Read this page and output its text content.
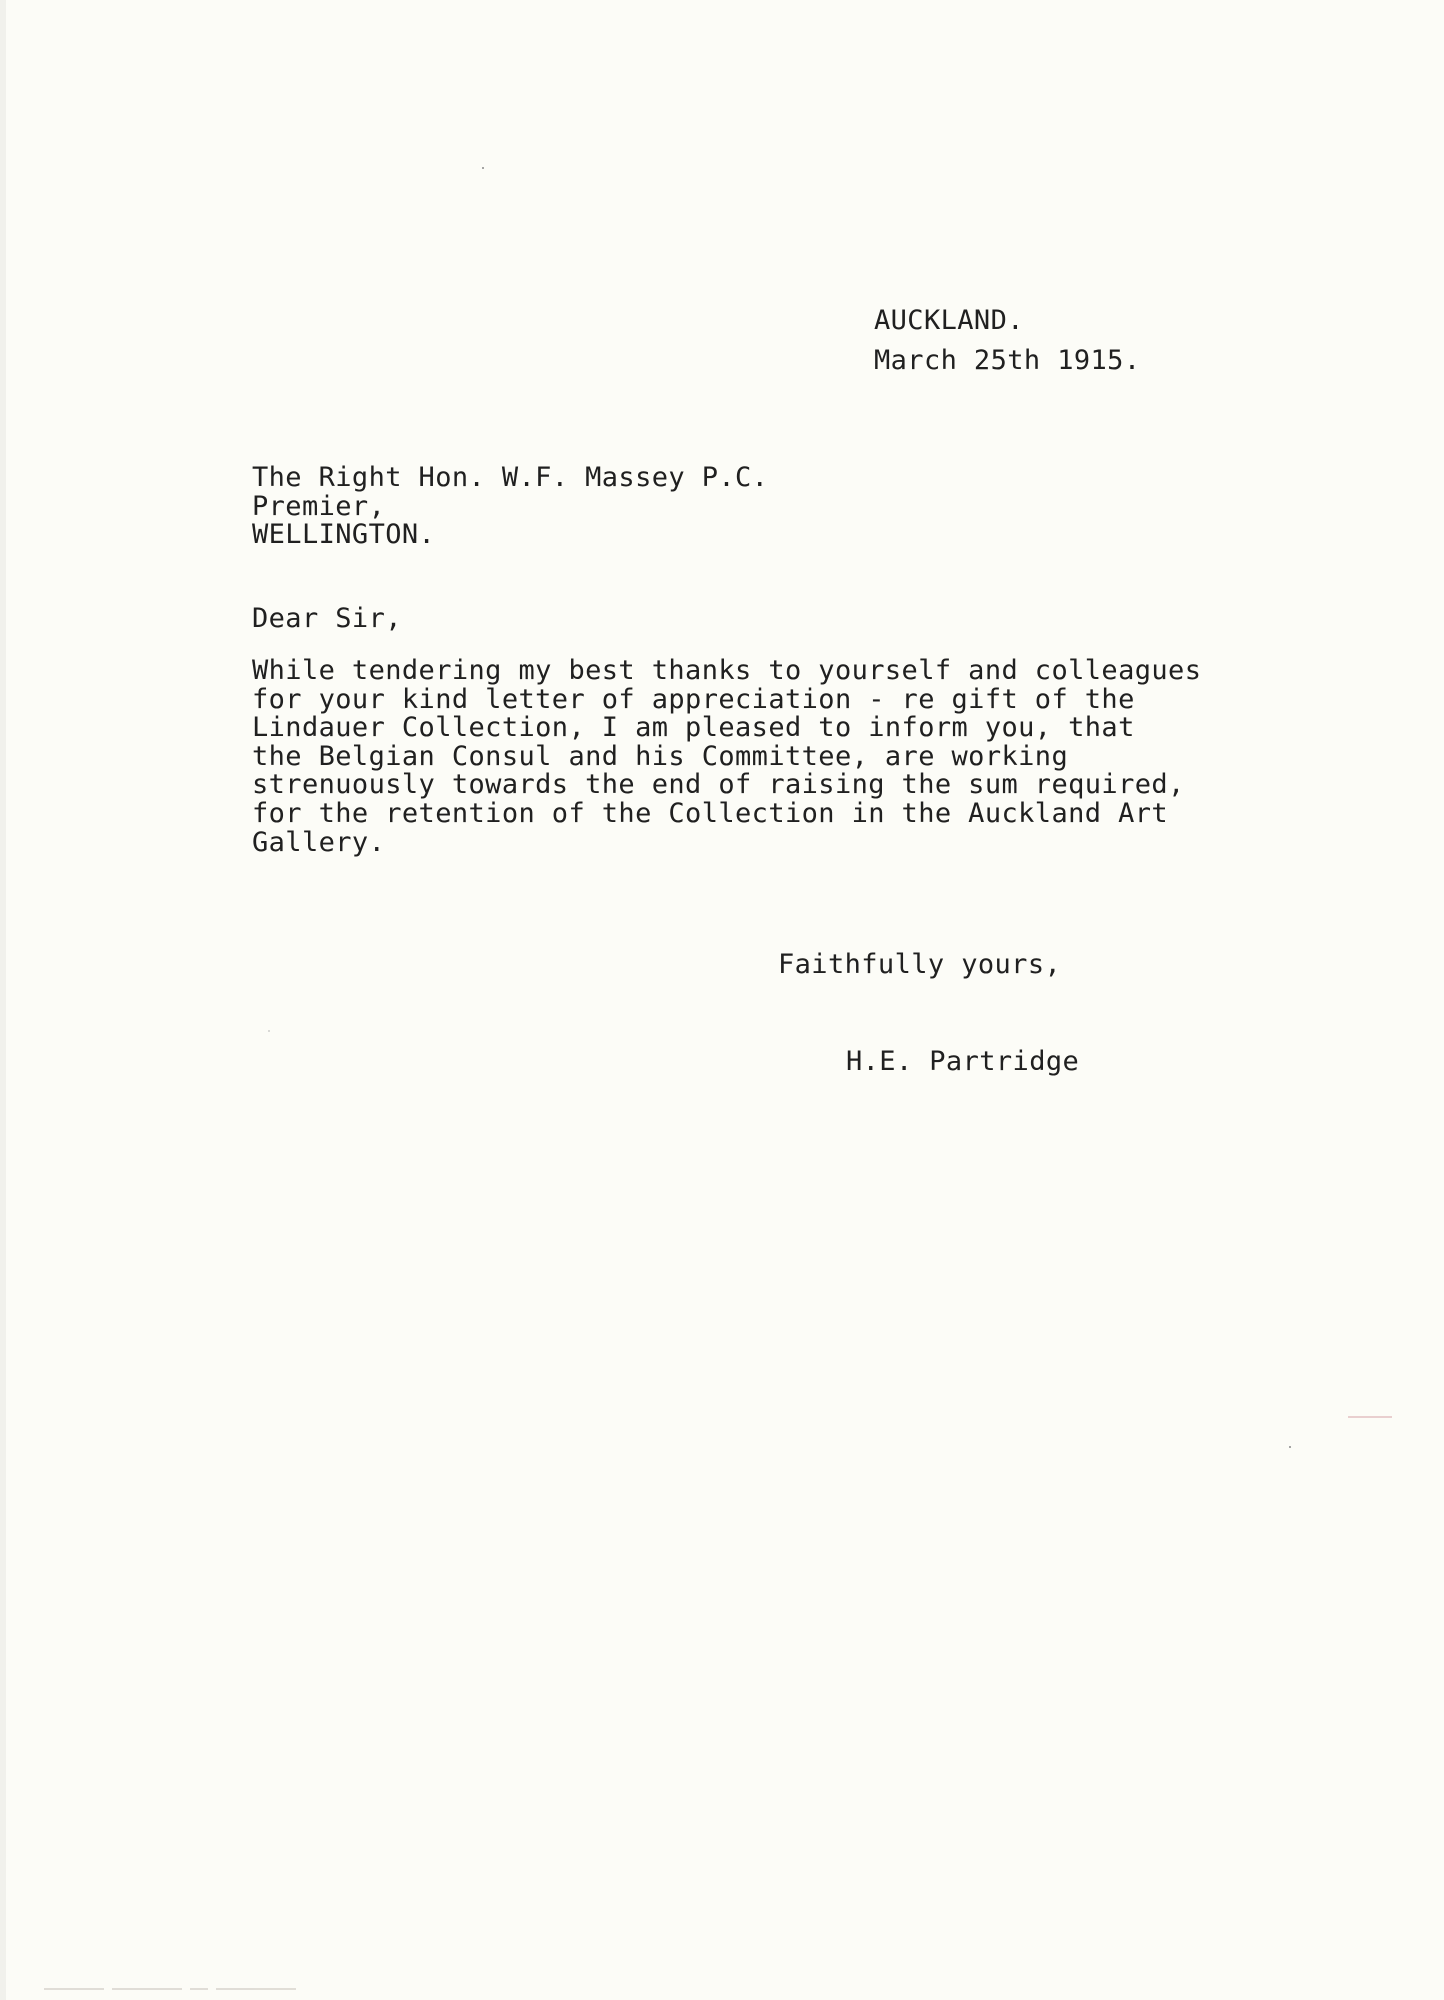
AUCKLAND.
March 25th 1915.
The Right Hon. W.F. Massey P.C.
Premier,
WELLINGTON.
Dear Sir,
While tendering my best thanks to yourself and colleagues
for your kind letter of appreciation - re gift of the
Lindauer Collection, I am pleased to inform you, that
the Belgian Consul and his Committee, are working
strenuously towards the end of raising the sum required,
for the retention of the Collection in the Auckland Art
Gallery.
Faithfully yours,
H.E. Partridge
